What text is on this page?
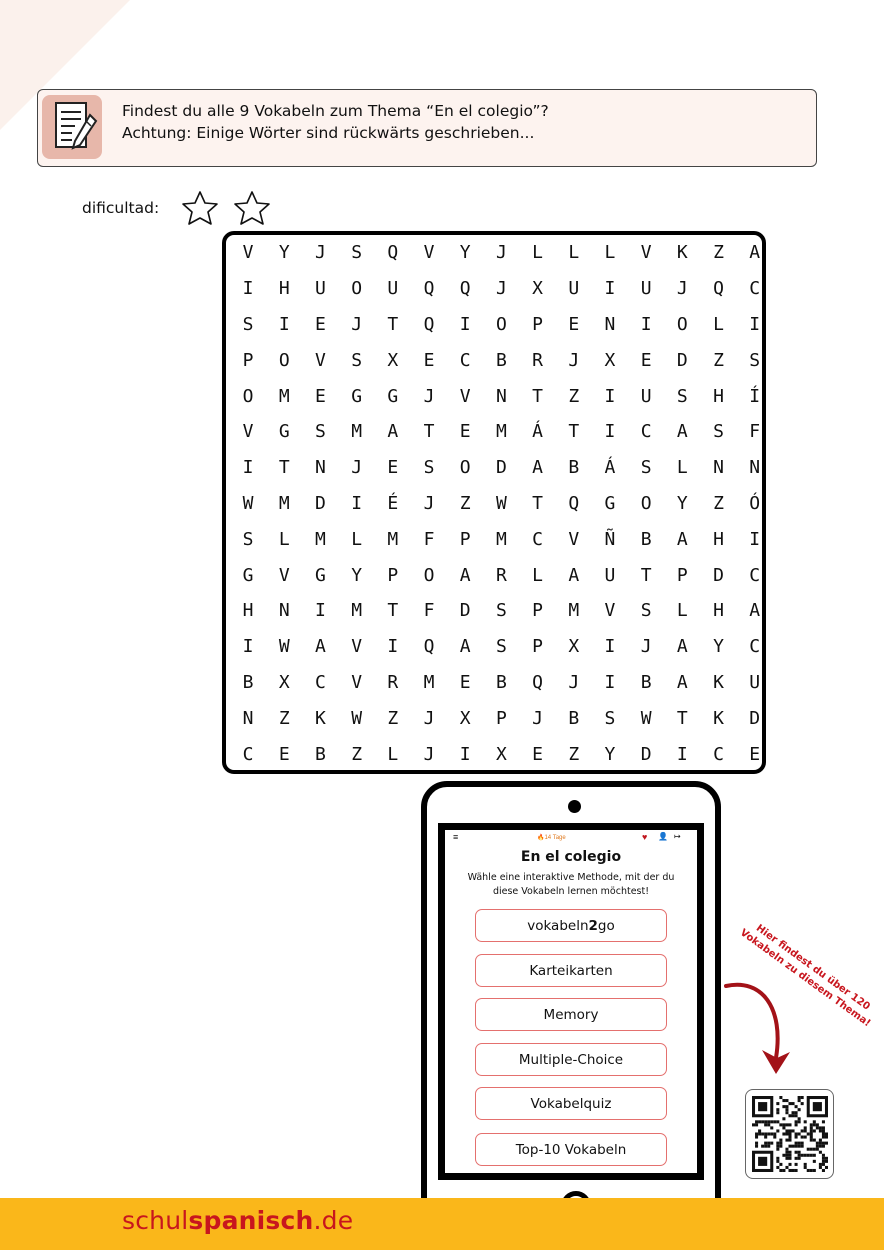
Findest du alle 9 Vokabeln zum Thema “En el colegio”?
Achtung: Einige Wörter sind rückwärts geschrieben...
dificultad:
V	Y	J	S	Q	V	Y	J	L	L	L	V	K	Z	A
I	H	U	O	U	Q	Q	J	X	U	I	U	J	Q	C
S	I	E	J	T	Q	I	O	P	E	N	I	O	L	I
P	O	V	S	X	E	C	B	R	J	X	E	D	Z	S
O	M	E	G	G	J	V	N	T	Z	I	U	S	H	Í
V	G	S	M	A	T	E	M	Á	T	I	C	A	S	F
I	T	N	J	E	S	O	D	A	B	Á	S	L	N	N
W	M	D	I	É	J	Z	W	T	Q	G	O	Y	Z	Ó
S	L	M	L	M	F	P	M	C	V	Ñ	B	A	H	I
G	V	G	Y	P	O	A	R	L	A	U	T	P	D	C
H	N	I	M	T	F	D	S	P	M	V	S	L	H	A
I	W	A	V	I	Q	A	S	P	X	I	J	A	Y	C
B	X	C	V	R	M	E	B	Q	J	I	B	A	K	U
N	Z	K	W	Z	J	X	P	J	B	S	W	T	K	D
C	E	B	Z	L	J	I	X	E	Z	Y	D	I	C	E
≡	🔥14 Tage	♥ 👤 ↦
En el colegio
Wähle eine interaktive Methode, mit der du diese Vokabeln lernen möchtest!
vokabeln 2 go
Karteikarten
Memory
Multiple-Choice
Vokabelquiz
Top-10 Vokabeln
Hier findest du über 120 Vokabeln zu diesem Thema!
schulspanisch.de
